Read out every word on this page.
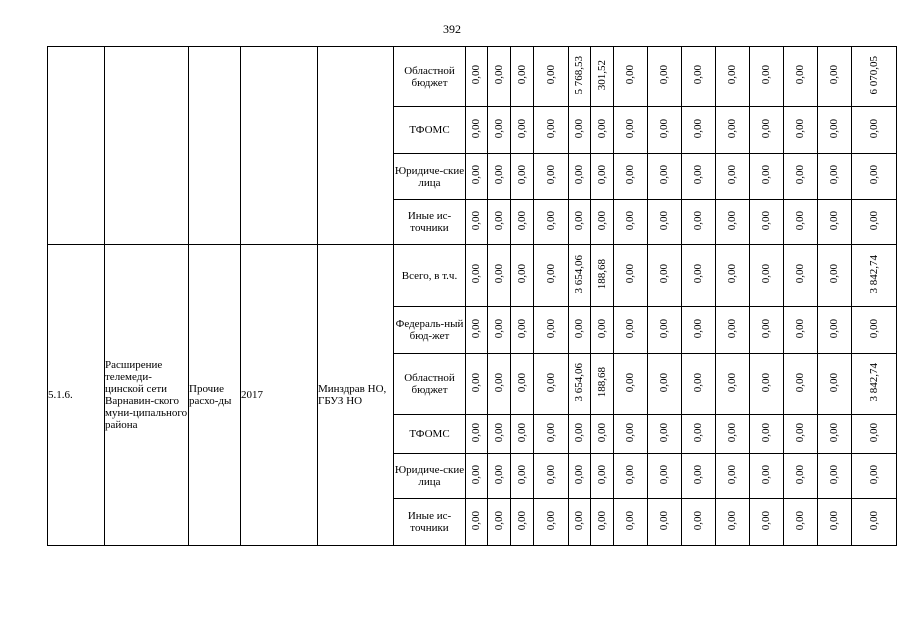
392
					Областной бюджет	0,00	0,00	0,00	0,00	5 768,53	301,52	0,00	0,00	0,00	0,00	0,00	0,00	0,00	6 070,05
					ТФОМС	0,00	0,00	0,00	0,00	0,00	0,00	0,00	0,00	0,00	0,00	0,00	0,00	0,00	0,00
					Юридиче-ские лица	0,00	0,00	0,00	0,00	0,00	0,00	0,00	0,00	0,00	0,00	0,00	0,00	0,00	0,00
					Иные ис-точники	0,00	0,00	0,00	0,00	0,00	0,00	0,00	0,00	0,00	0,00	0,00	0,00	0,00	0,00
5.1.6.	Расширение телемеди-цинской сети Варнавин-ского муни-ципального района	Прочие расхо-ды	2017	Минздрав НО, ГБУЗ НО	Всего, в т.ч.	0,00	0,00	0,00	0,00	3 654,06	188,68	0,00	0,00	0,00	0,00	0,00	0,00	0,00	3 842,74
					Федераль-ный бюд-жет	0,00	0,00	0,00	0,00	0,00	0,00	0,00	0,00	0,00	0,00	0,00	0,00	0,00	0,00
					Областной бюджет	0,00	0,00	0,00	0,00	3 654,06	188,68	0,00	0,00	0,00	0,00	0,00	0,00	0,00	3 842,74
					ТФОМС	0,00	0,00	0,00	0,00	0,00	0,00	0,00	0,00	0,00	0,00	0,00	0,00	0,00	0,00
					Юридиче-ские лица	0,00	0,00	0,00	0,00	0,00	0,00	0,00	0,00	0,00	0,00	0,00	0,00	0,00	0,00
					Иные ис-точники	0,00	0,00	0,00	0,00	0,00	0,00	0,00	0,00	0,00	0,00	0,00	0,00	0,00	0,00
